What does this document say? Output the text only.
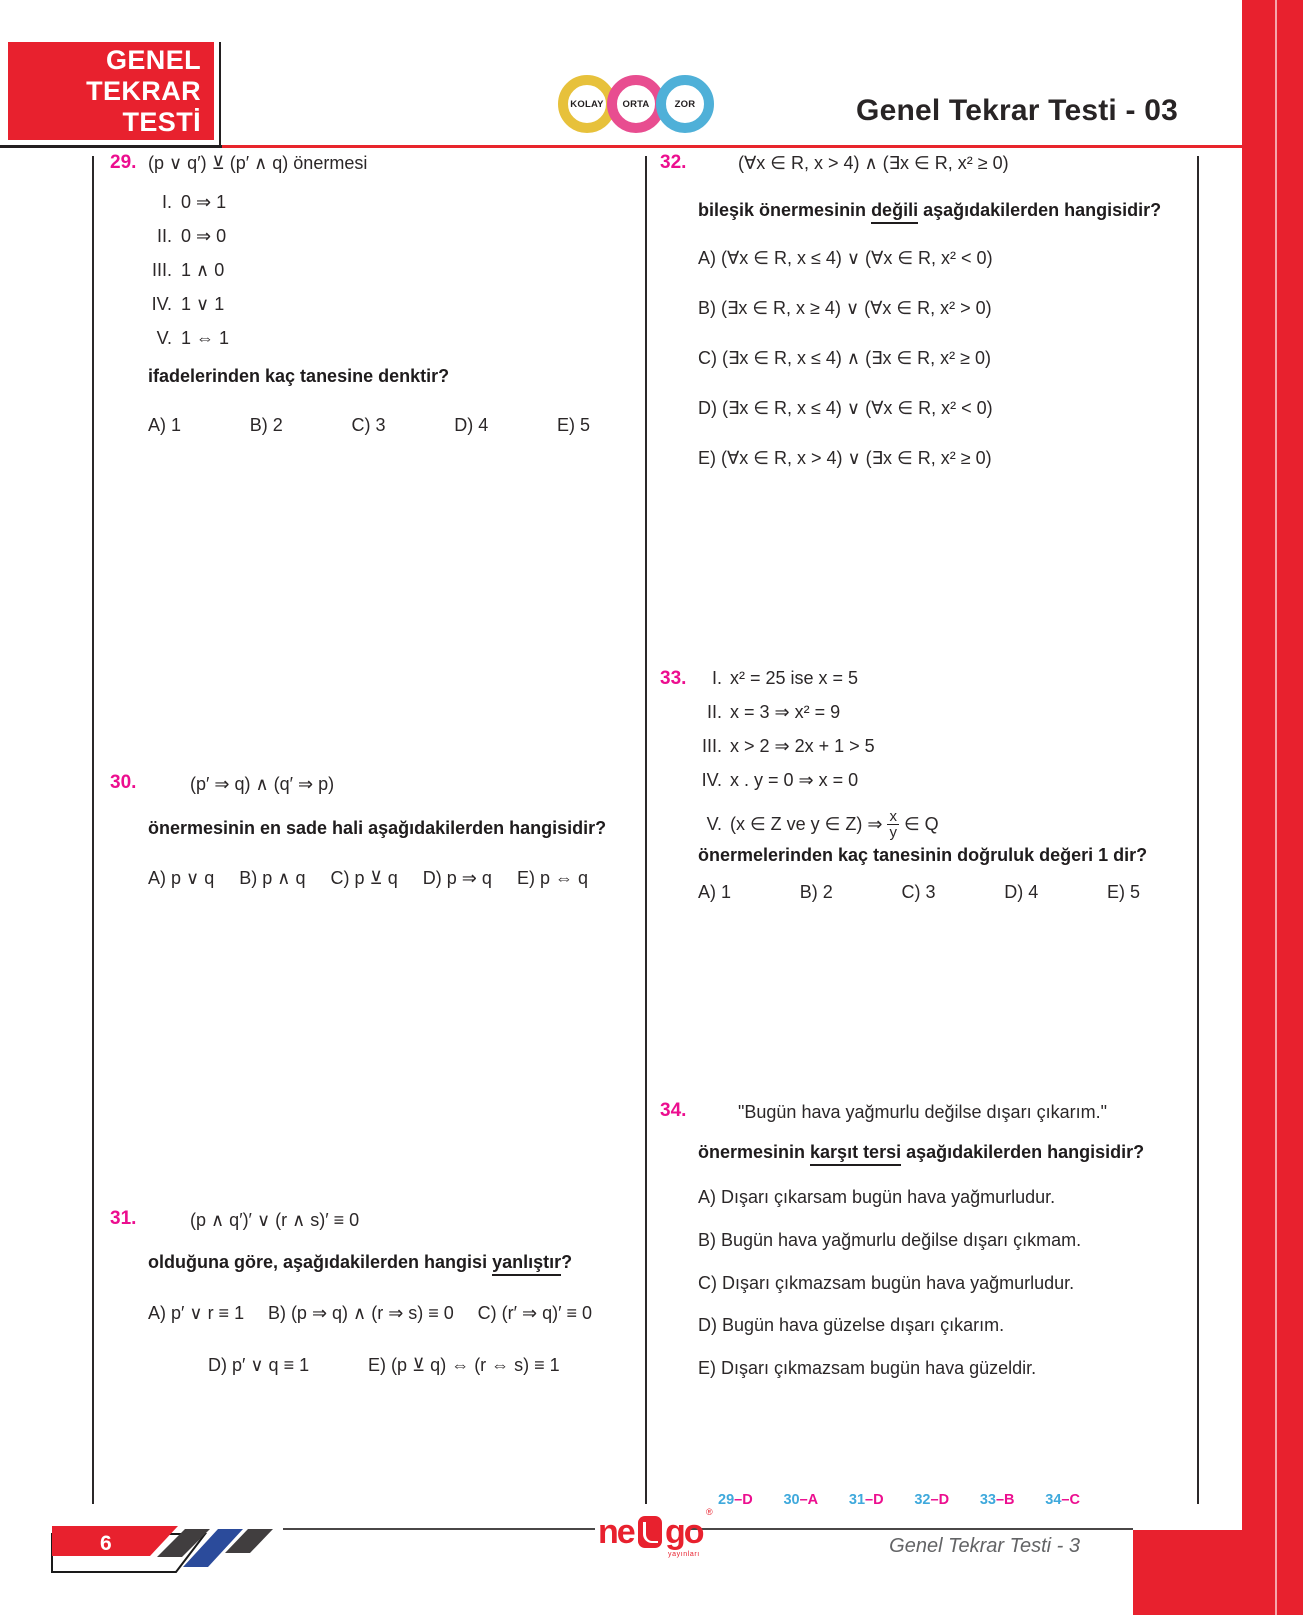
GENEL
TEKRAR
TESTİ
KOLAY ORTA	ZOR	Genel Tekrar Testi - 03
29. (p ∨ q′) ⊻ (p′ ∧ q) önermesi
I. 0 ⇒ 1
II. 0 ⇒ 0
III. 1 ∧ 0
IV. 1 ∨ 1
V. 1 ⇔ 1
ifadelerinden kaç tanesine denktir?
A) 1	B) 2	C) 3	D) 4	E) 5
30.	(p′ ⇒ q) ∧ (q′ ⇒ p)
önermesinin en sade hali aşağıdakilerden hangisidir?
A) p ∨ q B) p ∧ q C) p ⊻ q D) p ⇒ q E) p ⇔ q
31.	(p ∧ q′)′ ∨ (r ∧ s)′ ≡ 0
olduğuna göre, aşağıdakilerden hangisi yanlıştır?
A) p′ ∨ r ≡ 1 B) (p ⇒ q) ∧ (r ⇒ s) ≡ 0 C) (r′ ⇒ q)′ ≡ 0
D) p′ ∨ q ≡ 1	E) (p ⊻ q) ⇔ (r ⇔ s) ≡ 1
32.	(∀x ∈ R, x > 4) ∧ (∃x ∈ R, x² ≥ 0)
bileşik önermesinin değili aşağıdakilerden hangisidir?
A) (∀x ∈ R, x ≤ 4) ∨ (∀x ∈ R, x² < 0)
B) (∃x ∈ R, x ≥ 4) ∨ (∀x ∈ R, x² > 0)
C) (∃x ∈ R, x ≤ 4) ∧ (∃x ∈ R, x² ≥ 0)
D) (∃x ∈ R, x ≤ 4) ∨ (∀x ∈ R, x² < 0)
E) (∀x ∈ R, x > 4) ∨ (∃x ∈ R, x² ≥ 0)
33.	I. x² = 25 ise x = 5
II. x = 3 ⇒ x² = 9
III. x > 2 ⇒ 2x + 1 > 5
IV. x . y = 0 ⇒ x = 0
V. (x ∈ Z ve y ∈ Z) ⇒ $\frac{x}{y}$ ∈ Q
önermelerinden kaç tanesinin doğruluk değeri 1 dir?
A) 1	B) 2	C) 3	D) 4	E) 5
34.	"Bugün hava yağmurlu değilse dışarı çıkarım."
önermesinin karşıt tersi aşağıdakilerden hangisidir?
A) Dışarı çıkarsam bugün hava yağmurludur.
B) Bugün hava yağmurlu değilse dışarı çıkmam.
C) Dışarı çıkmazsam bugün hava yağmurludur.
D) Bugün hava güzelse dışarı çıkarım.
E) Dışarı çıkmazsam bugün hava güzeldir.
29–D 30–A 31–D 32–D 33–B 34–C
6	ne go
®
yayınları	Genel Tekrar Testi - 3
